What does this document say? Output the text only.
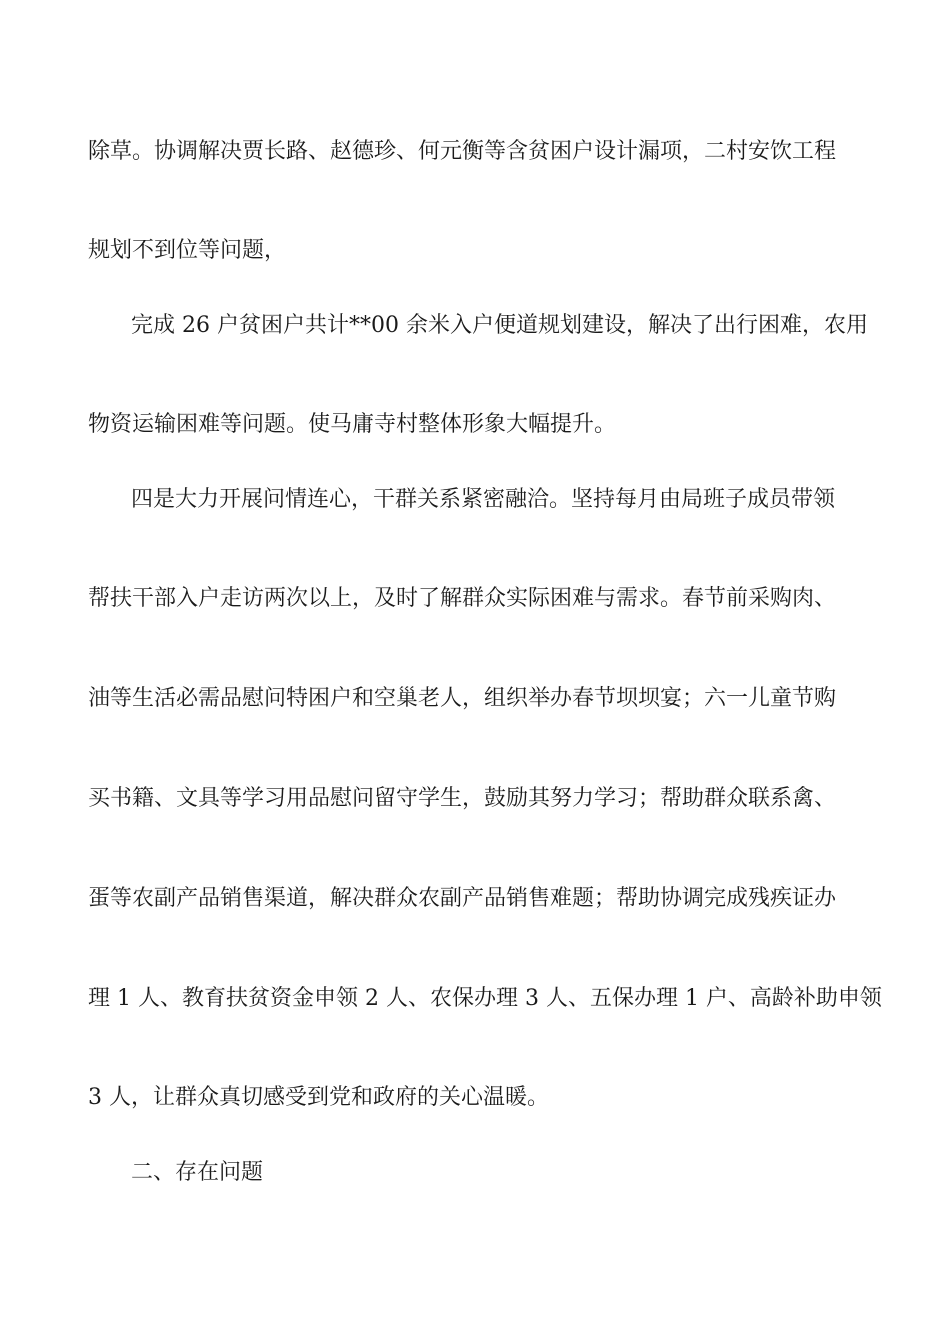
除草。协调解决贾长路、赵德珍、何元衡等含贫困户设计漏项，二村安饮工程
规划不到位等问题，
完成 26 户贫困户共计**00 余米入户便道规划建设，解决了出行困难，农用
物资运输困难等问题。使马庸寺村整体形象大幅提升。
四是大力开展问情连心，干群关系紧密融洽。坚持每月由局班子成员带领
帮扶干部入户走访两次以上，及时了解群众实际困难与需求。春节前采购肉、
油等生活必需品慰问特困户和空巢老人，组织举办春节坝坝宴；六一儿童节购
买书籍、文具等学习用品慰问留守学生，鼓励其努力学习；帮助群众联系禽、
蛋等农副产品销售渠道，解决群众农副产品销售难题；帮助协调完成残疾证办
理 1 人、教育扶贫资金申领 2 人、农保办理 3 人、五保办理 1 户、高龄补助申领
3 人，让群众真切感受到党和政府的关心温暖。
二、存在问题
